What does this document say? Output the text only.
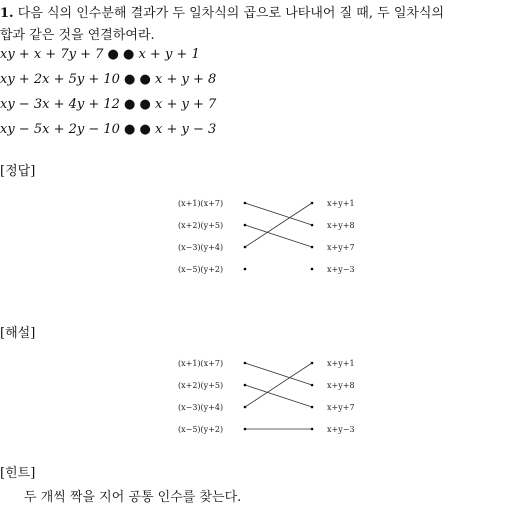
1. 다음 식의 인수분해 결과가 두 일차식의 곱으로 나타내어 질 때, 두 일차식의
합과 같은 것을 연결하여라.
xy + x + 7y + 7 ● ● x + y + 1
xy + 2x + 5y + 10 ● ● x + y + 8
xy − 3x + 4y + 12 ● ● x + y + 7
xy − 5x + 2y − 10 ● ● x + y − 3
[정답]
(x+1)(x+7)
(x+2)(y+5)
(x−3)(y+4)
(x−5)(y+2)
x+y+1
x+y+8
x+y+7
x+y−3
(x+1)(x+7)
(x+2)(y+5)
(x−3)(y+4)
(x−5)(y+2)
x+y+1
x+y+8
x+y+7
x+y−3
[해설]
[힌트]
두 개씩 짝을 지어 공통 인수를 찾는다.
